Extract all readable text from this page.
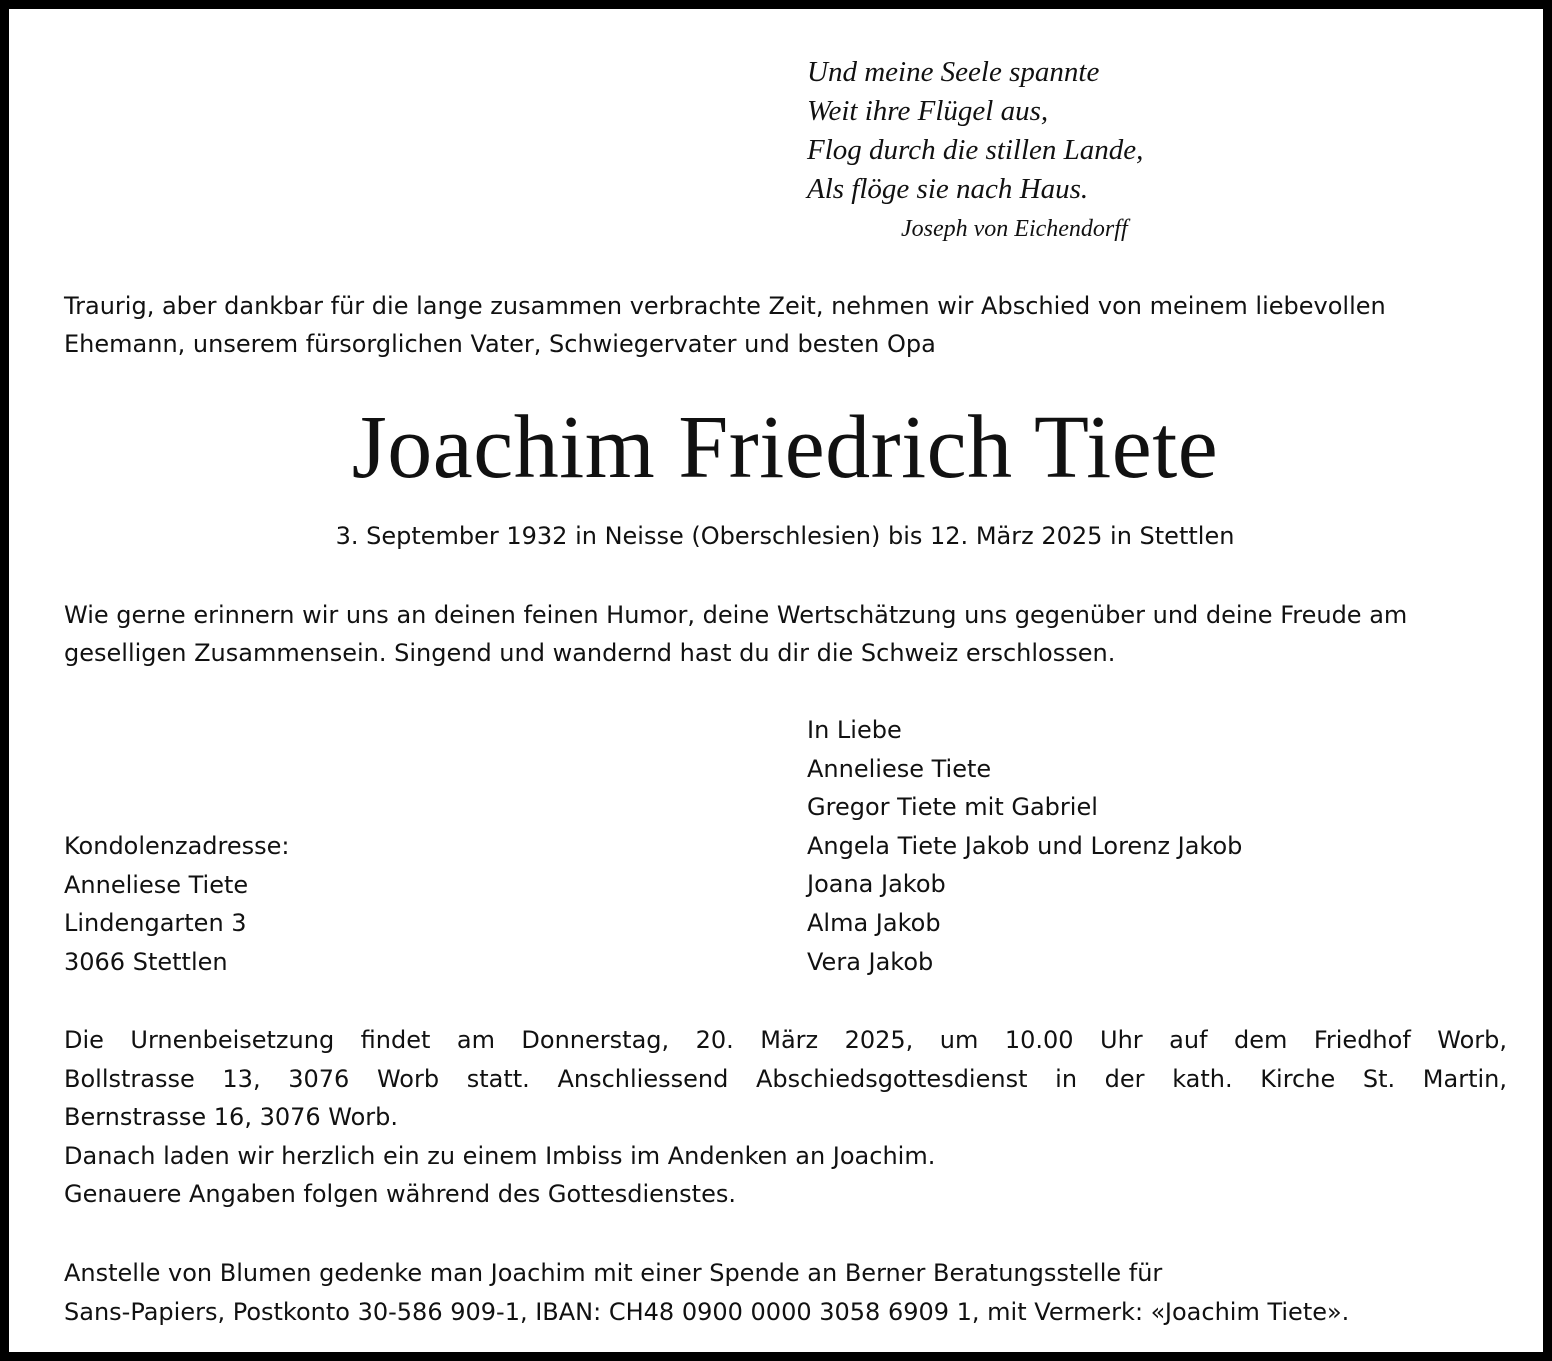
Und meine Seele spannte
Weit ihre Flügel aus,
Flog durch die stillen Lande,
Als flöge sie nach Haus.
Joseph von Eichendorff
Traurig, aber dankbar für die lange zusammen verbrachte Zeit, nehmen wir Abschied von meinem liebevollen
Ehemann, unserem fürsorglichen Vater, Schwiegervater und besten Opa
Joachim Friedrich Tiete
3. September 1932 in Neisse (Oberschlesien) bis 12. März 2025 in Stettlen
Wie gerne erinnern wir uns an deinen feinen Humor, deine Wertschätzung uns gegenüber und deine Freude am
geselligen Zusammensein. Singend und wandernd hast du dir die Schweiz erschlossen.
In Liebe
Anneliese Tiete
Gregor Tiete mit Gabriel
Angela Tiete Jakob und Lorenz Jakob
Joana Jakob
Alma Jakob
Vera Jakob
Kondolenzadresse:
Anneliese Tiete
Lindengarten 3
3066 Stettlen
Die Urnenbeisetzung findet am Donnerstag, 20. März 2025, um 10.00 Uhr auf dem Friedhof Worb,
Bollstrasse 13, 3076 Worb statt. Anschliessend Abschiedsgottesdienst in der kath. Kirche St. Martin,
Bernstrasse 16, 3076 Worb.
Danach laden wir herzlich ein zu einem Imbiss im Andenken an Joachim.
Genauere Angaben folgen während des Gottesdienstes.
Anstelle von Blumen gedenke man Joachim mit einer Spende an Berner Beratungsstelle für
Sans-Papiers, Postkonto 30-586 909-1, IBAN: CH48 0900 0000 3058 6909 1, mit Vermerk: «Joachim Tiete».
